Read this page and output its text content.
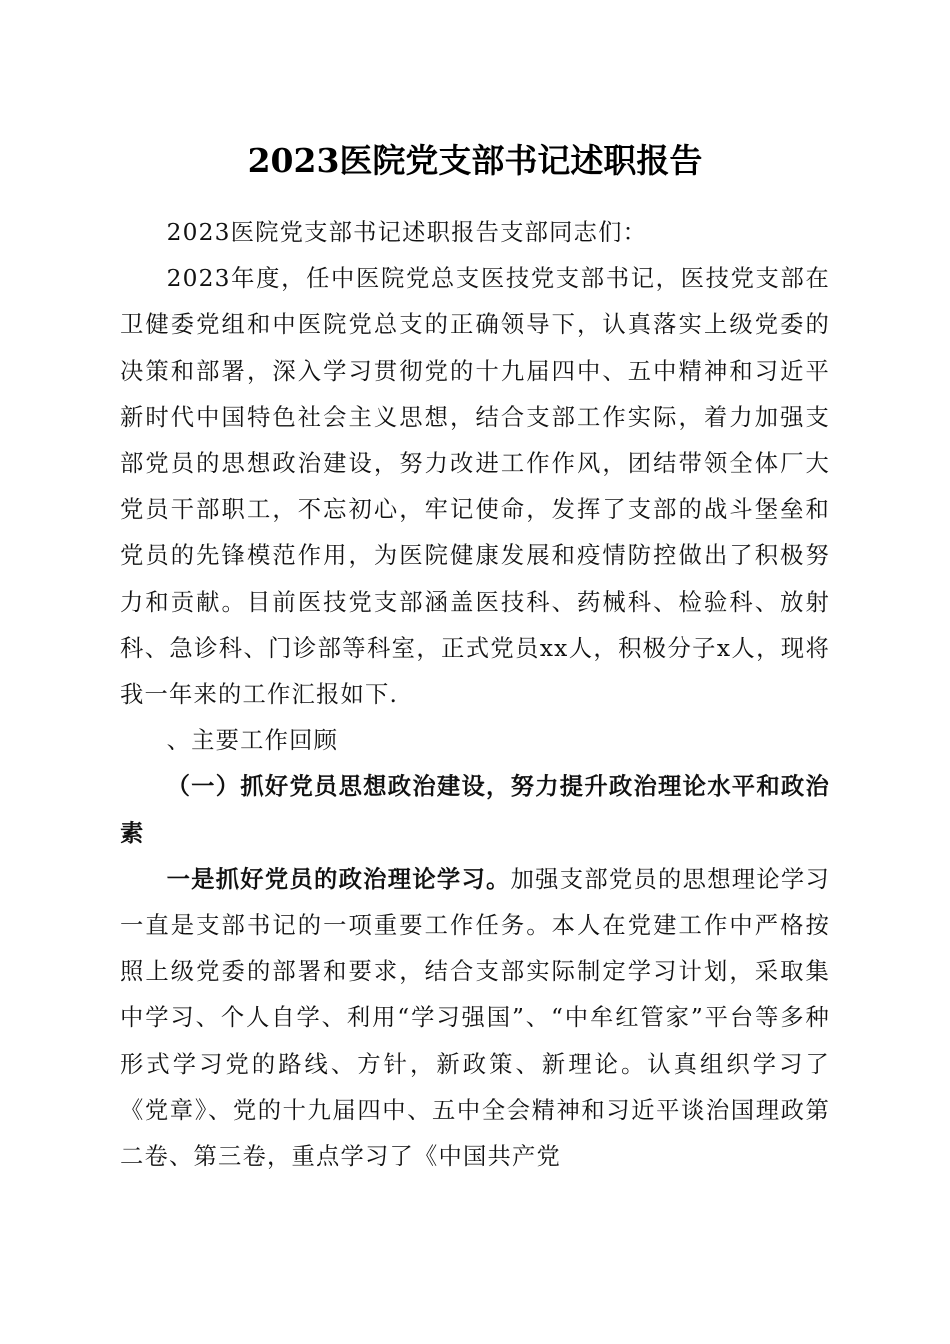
2023医院党支部书记述职报告

2023医院党支部书记述职报告支部同志们：

2023年度，任中医院党总支医技党支部书记，医技党支部在卫健委党组和中医院党总支的正确领导下，认真落实上级党委的决策和部署，深入学习贯彻党的十九届四中、五中精神和习近平新时代中国特色社会主义思想，结合支部工作实际，着力加强支部党员的思想政治建设，努力改进工作作风，团结带领全体厂大党员干部职工，不忘初心，牢记使命，发挥了支部的战斗堡垒和党员的先锋模范作用，为医院健康发展和疫情防控做出了积极努力和贡献。目前医技党支部涵盖医技科、药械科、检验科、放射科、急诊科、门诊部等科室，正式党员xx人，积极分子x人，现将我一年来的工作汇报如下.

、主要工作回顾

（一）抓好党员思想政治建设，努力提升政治理论水平和政治素

一是抓好党员的政治理论学习。加强支部党员的思想理论学习一直是支部书记的一项重要工作任务。本人在党建工作中严格按照上级党委的部署和要求，结合支部实际制定学习计划，采取集中学习、个人自学、利用“学习强国”、“中牟红管家”平台等多种形式学习党的路线、方针，新政策、新理论。认真组织学习了《党章》、党的十九届四中、五中全会精神和习近平谈治国理政第二卷、第三卷，重点学习了《中国共产党
